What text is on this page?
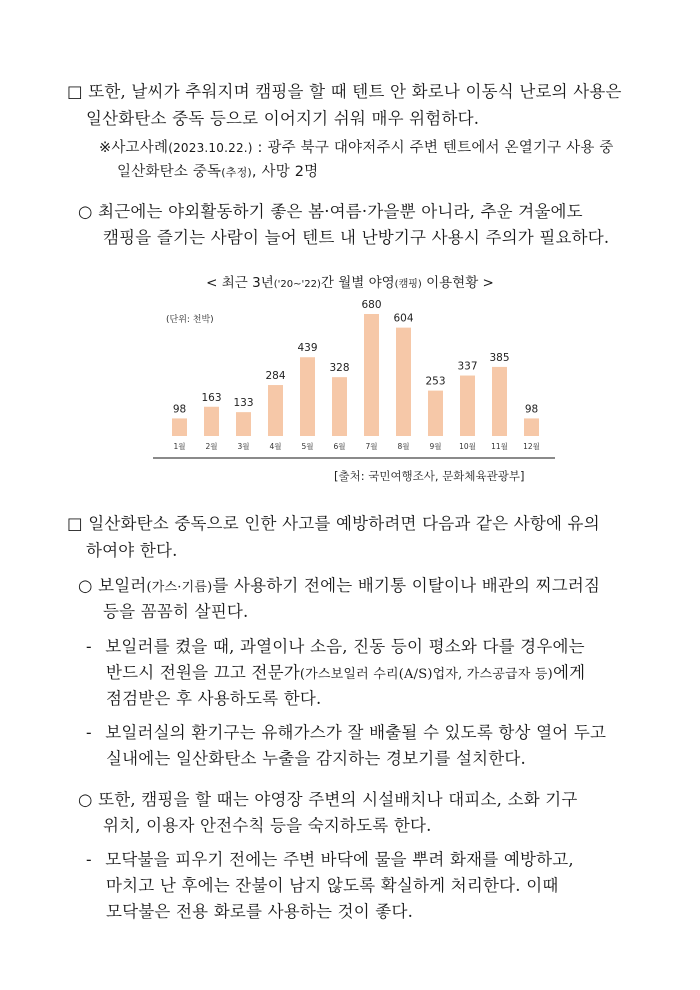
□ 또한, 날씨가 추워지며 캠핑을 할 때 텐트 안 화로나 이동식 난로의 사용은
일산화탄소 중독 등으로 이어지기 쉬워 매우 위험하다.
※사고사례(2023.10.22.) : 광주 북구 대야저주시 주변 텐트에서 온열기구 사용 중
일산화탄소 중독(추정), 사망 2명
○ 최근에는 야외활동하기 좋은 봄·여름·가을뿐 아니라, 추운 겨울에도
캠핑을 즐기는 사람이 늘어 텐트 내 난방기구 사용시 주의가 필요하다.
< 최근 3년('20~'22)간 월별 야영(캠핑) 이용현황 >
(단위: 천박)
98
1월
163
2월
133
3월
284
4월
439
5월
328
6월
680
7월
604
8월
253
9월
337
10월
385
11월
98
12월
[출처: 국민여행조사, 문화체육관광부]
□ 일산화탄소 중독으로 인한 사고를 예방하려면 다음과 같은 사항에 유의
하여야 한다.
○ 보일러(가스·기름)를 사용하기 전에는 배기통 이탈이나 배관의 찌그러짐
등을 꼼꼼히 살핀다.
- 보일러를 켰을 때, 과열이나 소음, 진동 등이 평소와 다를 경우에는
반드시 전원을 끄고 전문가(가스보일러 수리(A/S)업자, 가스공급자 등)에게
점검받은 후 사용하도록 한다.
- 보일러실의 환기구는 유해가스가 잘 배출될 수 있도록 항상 열어 두고
실내에는 일산화탄소 누출을 감지하는 경보기를 설치한다.
○ 또한, 캠핑을 할 때는 야영장 주변의 시설배치나 대피소, 소화 기구
위치, 이용자 안전수칙 등을 숙지하도록 한다.
- 모닥불을 피우기 전에는 주변 바닥에 물을 뿌려 화재를 예방하고,
마치고 난 후에는 잔불이 남지 않도록 확실하게 처리한다. 이때
모닥불은 전용 화로를 사용하는 것이 좋다.
